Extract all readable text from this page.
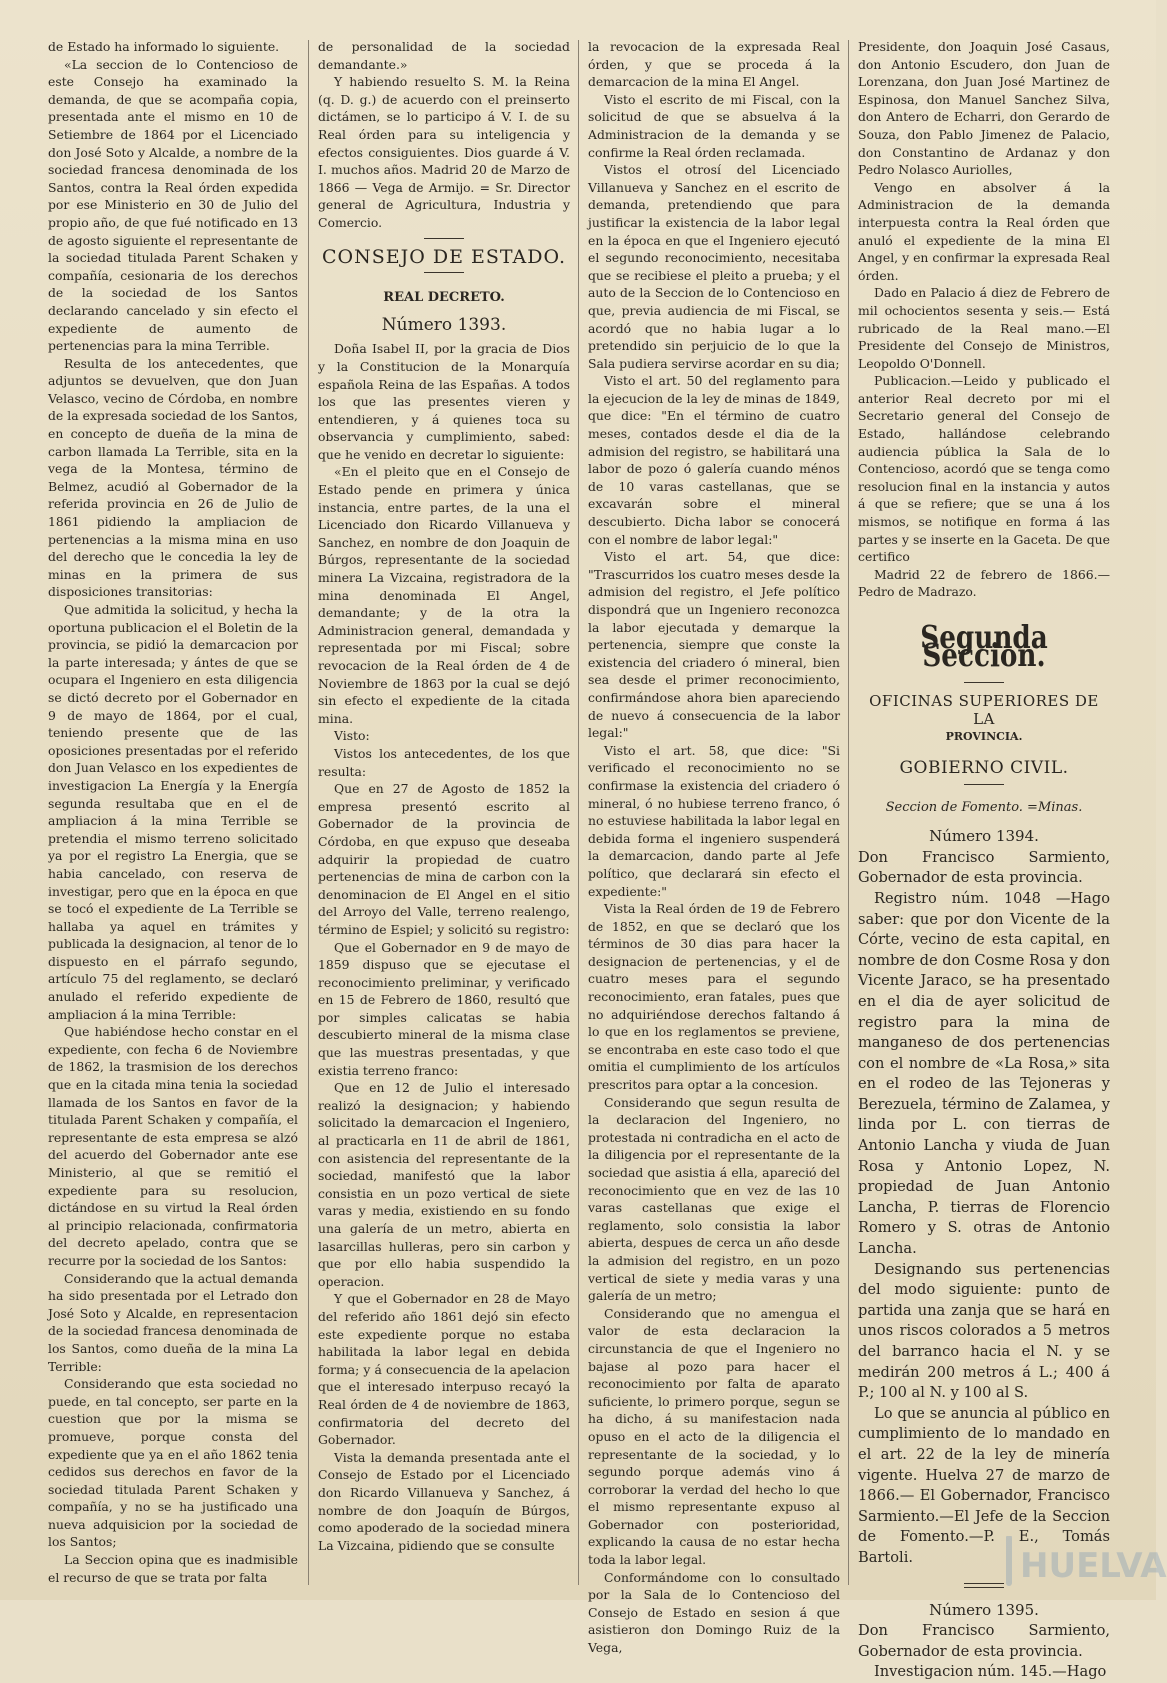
de Estado ha informado lo siguiente.

«La seccion de lo Contencioso de este Consejo ha examinado la demanda, de que se acompaña copia, presentada ante el mismo en 10 de Setiembre de 1864 por el Licenciado don José Soto y Alcalde, a nombre de la sociedad francesa denominada de los Santos, contra la Real órden expedida por ese Ministerio en 30 de Julio del propio año, de que fué notificado en 13 de agosto siguiente el representante de la sociedad titulada Parent Schaken y compañía, cesionaria de los derechos de la sociedad de los Santos declarando cancelado y sin efecto el expediente de aumento de pertenencias para la mina Terrible.

Resulta de los antecedentes, que adjuntos se devuelven, que don Juan Velasco, vecino de Córdoba, en nombre de la expresada sociedad de los Santos, en concepto de dueña de la mina de carbon llamada La Terrible, sita en la vega de la Montesa, término de Belmez, acudió al Gobernador de la referida provincia en 26 de Julio de 1861 pidiendo la ampliacion de pertenencias a la misma mina en uso del derecho que le concedia la ley de minas en la primera de sus disposiciones transitorias:

Que admitida la solicitud, y hecha la oportuna publicacion el el Boletin de la provincia, se pidió la demarcacion por la parte interesada; y ántes de que se ocupara el Ingeniero en esta diligencia se dictó decreto por el Gobernador en 9 de mayo de 1864, por el cual, teniendo presente que de las oposiciones presentadas por el referido don Juan Velasco en los expedientes de investigacion La Energía y la Energía segunda resultaba que en el de ampliacion á la mina Terrible se pretendia el mismo terreno solicitado ya por el registro La Energia, que se habia cancelado, con reserva de investigar, pero que en la época en que se tocó el expediente de La Terrible se hallaba ya aquel en trámites y publicada la designacion, al tenor de lo dispuesto en el párrafo segundo, artículo 75 del reglamento, se declaró anulado el referido expediente de ampliacion á la mina Terrible:

Que habiéndose hecho constar en el expediente, con fecha 6 de Noviembre de 1862, la trasmision de los derechos que en la citada mina tenia la sociedad llamada de los Santos en favor de la titulada Parent Schaken y compañía, el representante de esta empresa se alzó del acuerdo del Gobernador ante ese Ministerio, al que se remitió el expediente para su resolucion, dictándose en su virtud la Real órden al principio relacionada, confirmatoria del decreto apelado, contra que se recurre por la sociedad de los Santos:

Considerando que la actual demanda ha sido presentada por el Letrado don José Soto y Alcalde, en representacion de la sociedad francesa denominada de los Santos, como dueña de la mina La Terrible:

Considerando que esta sociedad no puede, en tal concepto, ser parte en la cuestion que por la misma se promueve, porque consta del expediente que ya en el año 1862 tenia cedidos sus derechos en favor de la sociedad titulada Parent Schaken y compañía, y no se ha justificado una nueva adquisicion por la sociedad de los Santos;

La Seccion opina que es inadmisible el recurso de que se trata por falta

de personalidad de la sociedad demandante.»

Y habiendo resuelto S. M. la Reina (q. D. g.) de acuerdo con el preinserto dictámen, se lo participo á V. I. de su Real órden para su inteligencia y efectos consiguientes. Dios guarde á V. I. muchos años. Madrid 20 de Marzo de 1866 — Vega de Armijo. = Sr. Director general de Agricultura, Industria y Comercio.

CONSEJO DE ESTADO.
REAL DECRETO.
Número 1393.

Doña Isabel II, por la gracia de Dios y la Constitucion de la Monarquía española Reina de las Españas. A todos los que las presentes vieren y entendieren, y á quienes toca su observancia y cumplimiento, sabed: que he venido en decretar lo siguiente:

«En el pleito que en el Consejo de Estado pende en primera y única instancia, entre partes, de la una el Licenciado don Ricardo Villanueva y Sanchez, en nombre de don Joaquin de Búrgos, representante de la sociedad minera La Vizcaina, registradora de la mina denominada El Angel, demandante; y de la otra la Administracion general, demandada y representada por mi Fiscal; sobre revocacion de la Real órden de 4 de Noviembre de 1863 por la cual se dejó sin efecto el expediente de la citada mina.

Visto:

Vistos los antecedentes, de los que resulta:

Que en 27 de Agosto de 1852 la empresa presentó escrito al Gobernador de la provincia de Córdoba, en que expuso que deseaba adquirir la propiedad de cuatro pertenencias de mina de carbon con la denominacion de El Angel en el sitio del Arroyo del Valle, terreno realengo, término de Espiel; y solicitó su registro:

Que el Gobernador en 9 de mayo de 1859 dispuso que se ejecutase el reconocimiento preliminar, y verificado en 15 de Febrero de 1860, resultó que por simples calicatas se habia descubierto mineral de la misma clase que las muestras presentadas, y que existia terreno franco:

Que en 12 de Julio el interesado realizó la designacion; y habiendo solicitado la demarcacion el Ingeniero, al practicarla en 11 de abril de 1861, con asistencia del representante de la sociedad, manifestó que la labor consistia en un pozo vertical de siete varas y media, existiendo en su fondo una galería de un metro, abierta en lasarcillas hulleras, pero sin carbon y que por ello habia suspendido la operacion.

Y que el Gobernador en 28 de Mayo del referido año 1861 dejó sin efecto este expediente porque no estaba habilitada la labor legal en debida forma; y á consecuencia de la apelacion que el interesado interpuso recayó la Real órden de 4 de noviembre de 1863, confirmatoria del decreto del Gobernador.

Vista la demanda presentada ante el Consejo de Estado por el Licenciado don Ricardo Villanueva y Sanchez, á nombre de don Joaquín de Búrgos, como apoderado de la sociedad minera La Vizcaina, pidiendo que se consulte

la revocacion de la expresada Real órden, y que se proceda á la demarcacion de la mina El Angel.

Visto el escrito de mi Fiscal, con la solicitud de que se absuelva á la Administracion de la demanda y se confirme la Real órden reclamada.

Vistos el otrosí del Licenciado Villanueva y Sanchez en el escrito de demanda, pretendiendo que para justificar la existencia de la labor legal en la época en que el Ingeniero ejecutó el segundo reconocimiento, necesitaba que se recibiese el pleito a prueba; y el auto de la Seccion de lo Contencioso en que, previa audiencia de mi Fiscal, se acordó que no habia lugar a lo pretendido sin perjuicio de lo que la Sala pudiera servirse acordar en su dia;

Visto el art. 50 del reglamento para la ejecucion de la ley de minas de 1849, que dice: "En el término de cuatro meses, contados desde el dia de la admision del registro, se habilitará una labor de pozo ó galería cuando ménos de 10 varas castellanas, que se excavarán sobre el mineral descubierto. Dicha labor se conocerá con el nombre de labor legal:"

Visto el art. 54, que dice: "Trascurridos los cuatro meses desde la admision del registro, el Jefe político dispondrá que un Ingeniero reconozca la labor ejecutada y demarque la pertenencia, siempre que conste la existencia del criadero ó mineral, bien sea desde el primer reconocimiento, confirmándose ahora bien apareciendo de nuevo á consecuencia de la labor legal:"

Visto el art. 58, que dice: "Si verificado el reconocimiento no se confirmase la existencia del criadero ó mineral, ó no hubiese terreno franco, ó no estuviese habilitada la labor legal en debida forma el ingeniero suspenderá la demarcacion, dando parte al Jefe político, que declarará sin efecto el expediente:"

Vista la Real órden de 19 de Febrero de 1852, en que se declaró que los términos de 30 dias para hacer la designacion de pertenencias, y el de cuatro meses para el segundo reconocimiento, eran fatales, pues que no adquiriéndose derechos faltando á lo que en los reglamentos se previene, se encontraba en este caso todo el que omitia el cumplimiento de los artículos prescritos para optar a la concesion.

Considerando que segun resulta de la declaracion del Ingeniero, no protestada ni contradicha en el acto de la diligencia por el representante de la sociedad que asistia á ella, apareció del reconocimiento que en vez de las 10 varas castellanas que exige el reglamento, solo consistia la labor abierta, despues de cerca un año desde la admision del registro, en un pozo vertical de siete y media varas y una galería de un metro;

Considerando que no amengua el valor de esta declaracion la circunstancia de que el Ingeniero no bajase al pozo para hacer el reconocimiento por falta de aparato suficiente, lo primero porque, segun se ha dicho, á su manifestacion nada opuso en el acto de la diligencia el representante de la sociedad, y lo segundo porque además vino á corroborar la verdad del hecho lo que el mismo representante expuso al Gobernador con posterioridad, explicando la causa de no estar hecha toda la labor legal.

Conformándome con lo consultado por la Sala de lo Contencioso del Consejo de Estado en sesion á que asistieron don Domingo Ruiz de la Vega,

Presidente, don Joaquin José Casaus, don Antonio Escudero, don Juan de Lorenzana, don Juan José Martinez de Espinosa, don Manuel Sanchez Silva, don Antero de Echarri, don Gerardo de Souza, don Pablo Jimenez de Palacio, don Constantino de Ardanaz y don Pedro Nolasco Auriolles,

Vengo en absolver á la Administracion de la demanda interpuesta contra la Real órden que anuló el expediente de la mina El Angel, y en confirmar la expresada Real órden.

Dado en Palacio á diez de Febrero de mil ochocientos sesenta y seis.— Está rubricado de la Real mano.—El Presidente del Consejo de Ministros, Leopoldo O'Donnell.

Publicacion.—Leido y publicado el anterior Real decreto por mi el Secretario general del Consejo de Estado, hallándose celebrando audiencia pública la Sala de lo Contencioso, acordó que se tenga como resolucion final en la instancia y autos á que se refiere; que se una á los mismos, se notifique en forma á las partes y se inserte en la Gaceta. De que certifico

Madrid 22 de febrero de 1866.— Pedro de Madrazo.

Segunda Seccion.
OFICINAS SUPERIORES DE LA
PROVINCIA.
GOBIERNO CIVIL.
Seccion de Fomento. =Minas.
Número 1394.

Don Francisco Sarmiento, Gobernador de esta provincia.

Registro núm. 1048 —Hago saber: que por don Vicente de la Córte, vecino de esta capital, en nombre de don Cosme Rosa y don Vicente Jaraco, se ha presentado en el dia de ayer solicitud de registro para la mina de manganeso de dos pertenencias con el nombre de «La Rosa,» sita en el rodeo de las Tejoneras y Berezuela, término de Zalamea, y linda por L. con tierras de Antonio Lancha y viuda de Juan Rosa y Antonio Lopez, N. propiedad de Juan Antonio Lancha, P. tierras de Florencio Romero y S. otras de Antonio Lancha.

Designando sus pertenencias del modo siguiente: punto de partida una zanja que se hará en unos riscos colorados a 5 metros del barranco hacia el N. y se medirán 200 metros á L.; 400 á P.; 100 al N. y 100 al S.

Lo que se anuncia al público en cumplimiento de lo mandado en el art. 22 de la ley de minería vigente. Huelva 27 de marzo de 1866.— El Gobernador, Francisco Sarmiento.—El Jefe de la Seccion de Fomento.—P. E., Tomás Bartoli.

Número 1395.

Don Francisco Sarmiento, Gobernador de esta provincia.

Investigacion núm. 145.—Hago

HUELVA
